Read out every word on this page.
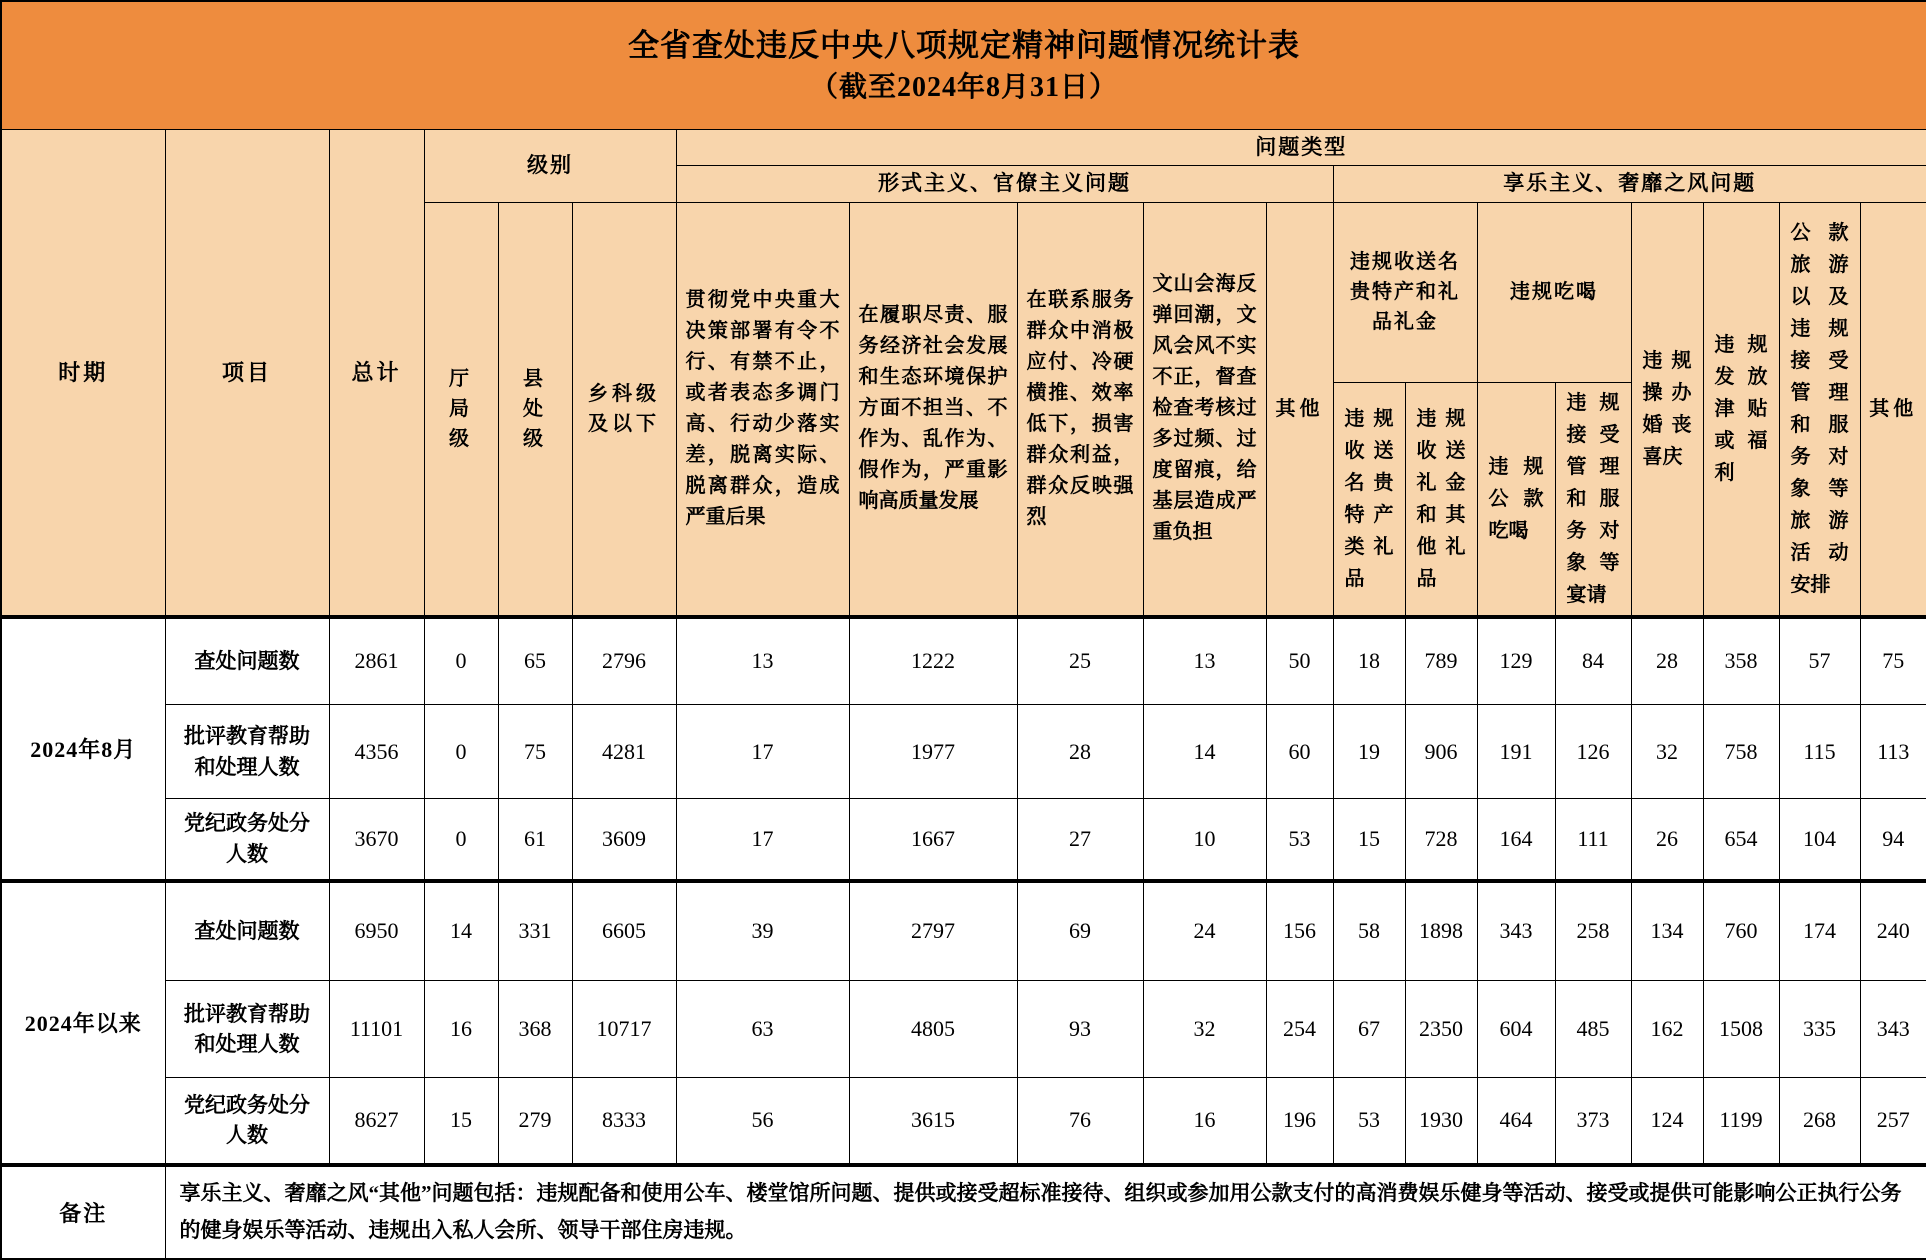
全省查处违反中央八项规定精神问题情况统计表
（截至2024年8月31日）																		

时期	项目	总计	级别			问题类型												
						形式主义、官僚主义问题					享乐主义、奢靡之风问题							
			厅局级	县处级	乡科级及以下	贯彻党中央重大决策部署有令不行、有禁不止，或者表态多调门高、行动少落实差，脱离实际、脱离群众，造成严重后果	在履职尽责、服务经济社会发展和生态环境保护方面不担当、不作为、乱作为、假作为，严重影响高质量发展	在联系服务群众中消极应付、冷硬横推、效率低下，损害群众利益，群众反映强烈	文山会海反弹回潮，文风会风不实不正，督查检查考核过多过频、过度留痕，给基层造成严重负担	其他	违规收送名贵特产和礼品礼金		违规吃喝		违规操办婚丧喜庆	违规发放津贴或福利	公款旅游以及违规接受管理和服务对象等旅游活动安排	其他
											违规收送名贵特产类礼品	违规收送礼金和其他礼品	违规公款吃喝	违规接受管理和服务对象等宴请				
2024年8月	查处问题数	2861	0	65	2796	13	1222	25	13	50	18	789	129	84	28	358	57	75
	批评教育帮助和处理人数	4356	0	75	4281	17	1977	28	14	60	19	906	191	126	32	758	115	113
	党纪政务处分人数	3670	0	61	3609	17	1667	27	10	53	15	728	164	111	26	654	104	94
2024年以来	查处问题数	6950	14	331	6605	39	2797	69	24	156	58	1898	343	258	134	760	174	240
	批评教育帮助和处理人数	11101	16	368	10717	63	4805	93	32	254	67	2350	604	485	162	1508	335	343
	党纪政务处分人数	8627	15	279	8333	56	3615	76	16	196	53	1930	464	373	124	1199	268	257
备注	享乐主义、奢靡之风“其他”问题包括：违规配备和使用公车、楼堂馆所问题、提供或接受超标准接待、组织或参加用公款支付的高消费娱乐健身等活动、接受或提供可能影响公正执行公务的健身娱乐等活动、违规出入私人会所、领导干部住房违规。																	
